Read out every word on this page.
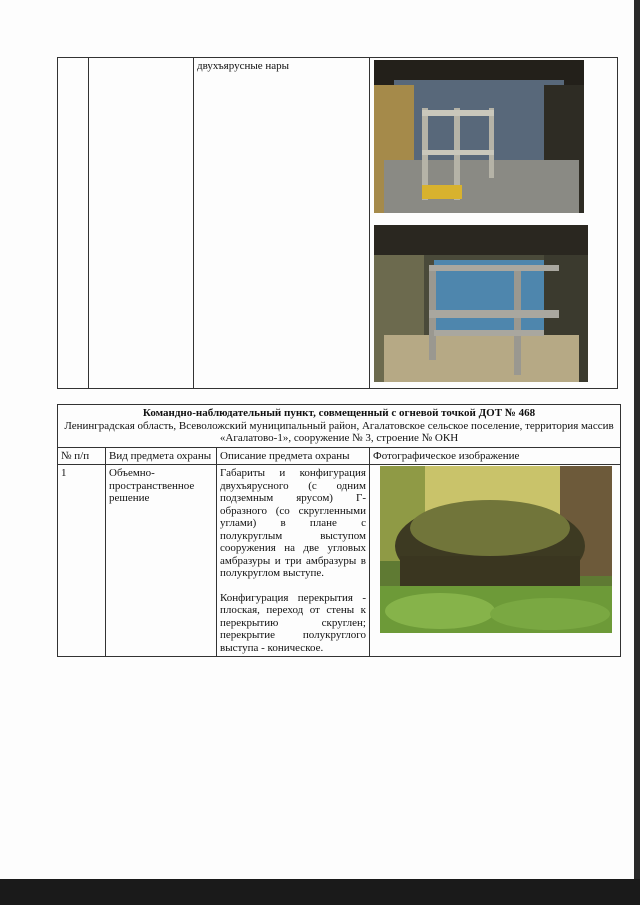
		двухъярусные нары	
Командно-наблюдательный пункт, совмещенный с огневой точкой ДОТ № 468
Ленинградская область, Всеволожский муниципальный район, Агалатовское сельское поселение, территория массив «Агалатово-1», сооружение № 3, строение № ОКН			

№ п/п	Вид предмета охраны	Описание предмета охраны	Фотографическое изображение
1	Объемно-пространственное решение	Габариты и конфигурация двухъярусного (с одним подземным ярусом) Г-образного (со скругленными углами) в плане с полукруглым выступом сооружения на две угловых амбразуры и три амбразуры в полукруглом выступе.
Конфигурация перекрытия - плоская, переход от стены к перекрытию скруглен; перекрытие полукруглого выступа - коническое.
